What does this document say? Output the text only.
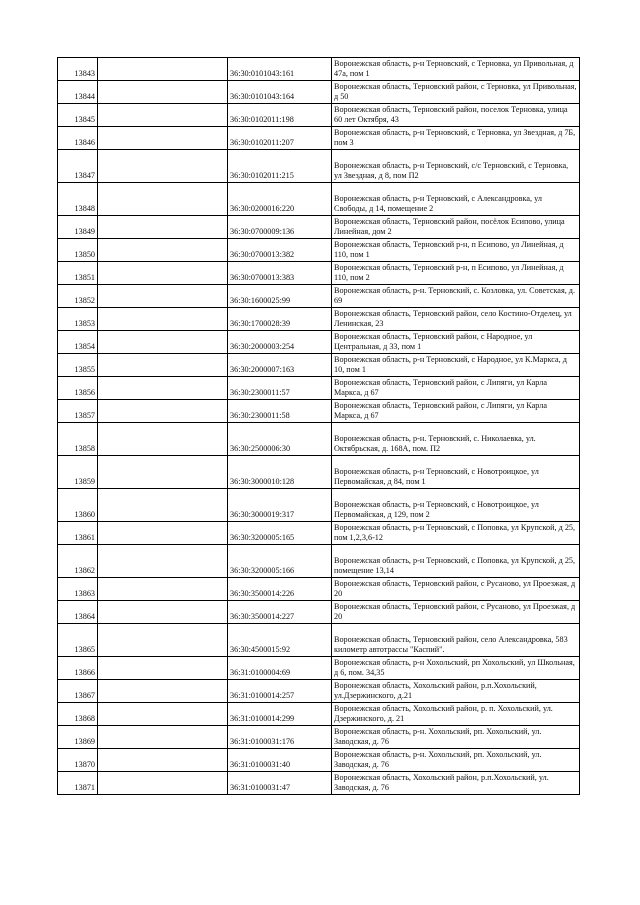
13843		36:30:0101043:161	Воронежская область, р-н Терновский, с Терновка, ул Привольная, д 47а, пом 1
13844		36:30:0101043:164	Воронежская область, Терновский район, с Терновка, ул Привольная, д 50
13845		36:30:0102011:198	Воронежская область, Терновский район, поселок Терновка, улица 60 лет Октября, 43
13846		36:30:0102011:207	Воронежская область, р-н Терновский, с Терновка, ул Звездная, д 7Б, пом 3
13847		36:30:0102011:215	Воронежская область, р-н Терновский, с/с Терновский, с Терновка, ул Звездная, д 8, пом П2
13848		36:30:0200016:220	Воронежская область, р-н Терновский, с Александровка, ул Свободы, д 14, помещение 2
13849		36:30:0700009:136	Воронежская область, Терновский район, посёлок Есипово, улица Линейная, дом 2
13850		36:30:0700013:382	Воронежская область, Терновский р-н, п Есипово, ул Линейная, д 110, пом 1
13851		36:30:0700013:383	Воронежская область, Терновский р-н, п Есипово, ул Линейная, д 110, пом 2
13852		36:30:1600025:99	Воронежская область, р-н. Терновский, с. Козловка, ул. Советская, д. 69
13853		36:30:1700028:39	Воронежская область, Терновский район, село Костино-Отделец, ул Ленинская, 23
13854		36:30:2000003:254	Воронежская область, Терновский район, с Народное, ул Центральная, д 33, пом 1
13855		36:30:2000007:163	Воронежская область, р-н Терновский, с Народное, ул К.Маркса, д 10, пом 1
13856		36:30:2300011:57	Воронежская область, Терновский район, с Липяги, ул Карла Маркса, д 67
13857		36:30:2300011:58	Воронежская область, Терновский район, с Липяги, ул Карла Маркса, д 67
13858		36:30:2500006:30	Воронежская область, р-н. Терновский, с. Николаевка, ул. Октябрьская, д. 168А, пом. П2
13859		36:30:3000010:128	Воронежская область, р-н Терновский, с Новотроицкое, ул Первомайская, д 84, пом 1
13860		36:30:3000019:317	Воронежская область, р-н Терновский, с Новотроицкое, ул Первомайская, д 129, пом 2
13861		36:30:3200005:165	Воронежская область, р-н Терновский, с Поповка, ул Крупской, д 25, пом 1,2,3,6-12
13862		36:30:3200005:166	Воронежская область, р-н Терновский, с Поповка, ул Крупской, д 25, помещение 13,14
13863		36:30:3500014:226	Воронежская область, Терновский район, с Русаново, ул Проезжая, д 20
13864		36:30:3500014:227	Воронежская область, Терновский район, с Русаново, ул Проезжая, д 20
13865		36:30:4500015:92	Воронежская область, Терновский район, село Александровка, 583 километр автотрассы "Каспий".
13866		36:31:0100004:69	Воронежская область, р-н Хохольский, рп Хохольский, ул Школьная, д 6, пом. 34,35
13867		36:31:0100014:257	Воронежская область, Хохольский район, р.п.Хохольский, ул.Дзержинского, д.21
13868		36:31:0100014:299	Воронежская область, Хохольский район, р. п. Хохольский, ул. Дзержинского, д. 21
13869		36:31:0100031:176	Воронежская область, р-н. Хохольский, рп. Хохольский, ул. Заводская, д. 76
13870		36:31:0100031:40	Воронежская область, р-н. Хохольский, рп. Хохольский, ул. Заводская, д. 76
13871		36:31:0100031:47	Воронежская область, Хохольский район, р.п.Хохольский, ул. Заводская, д. 76
